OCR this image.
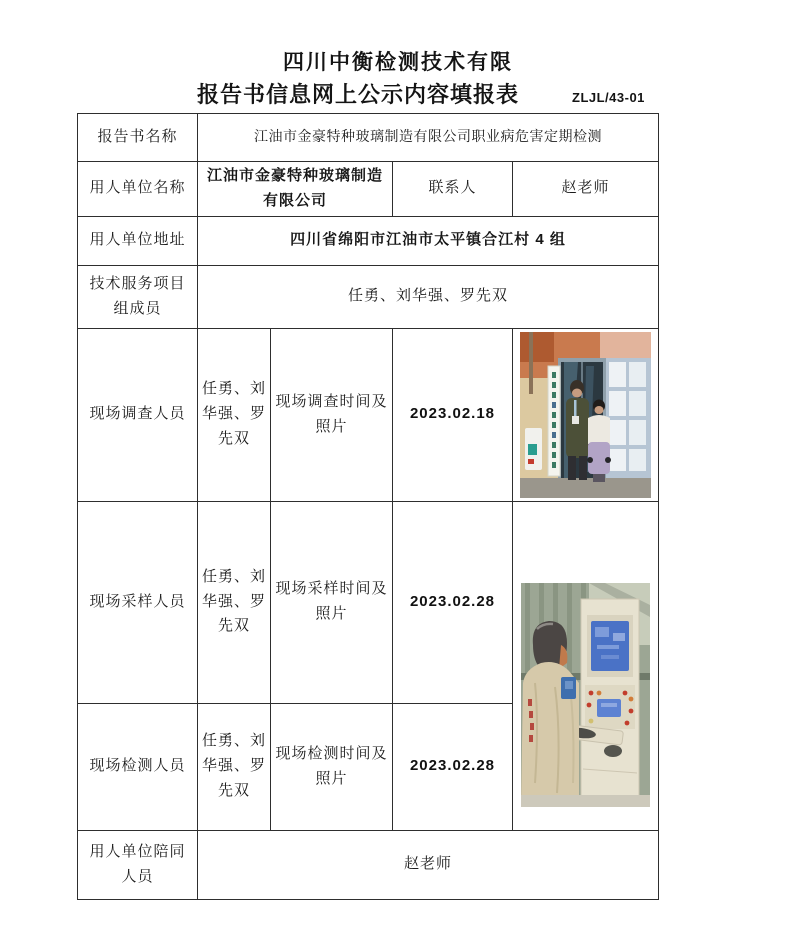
四川中衡检测技术有限
报告书信息网上公示内容填报表	ZLJL/43-01
报告书名称	江油市金豪特种玻璃制造有限公司职业病危害定期检测			
用人单位名称	江油市金豪特种玻璃制造有限公司		联系人	赵老师
用人单位地址	四川省绵阳市江油市太平镇合江村 4 组			
技术服务项目组成员	任勇、刘华强、罗先双			
现场调查人员	任勇、刘华强、罗先双	现场调查时间及照片	2023.02.18	

现场采样人员	任勇、刘华强、罗先双	现场采样时间及照片	2023.02.28	

现场检测人员	任勇、刘华强、罗先双	现场检测时间及照片	2023.02.28	
用人单位陪同人员	赵老师			
